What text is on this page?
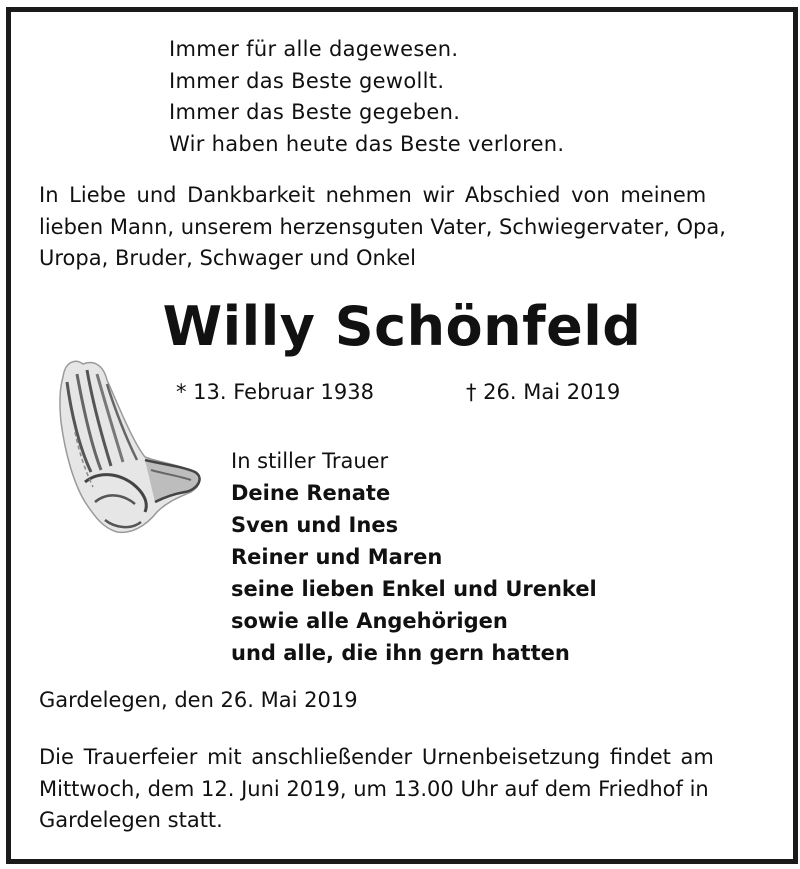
Immer für alle dagewesen.
Immer das Beste gewollt.
Immer das Beste gegeben.
Wir haben heute das Beste verloren.
In Liebe und Dankbarkeit nehmen wir Abschied von meinem
lieben Mann, unserem herzensguten Vater, Schwiegervater, Opa,
Uropa, Bruder, Schwager und Onkel
Willy Schönfeld
* 13. Februar 1938	† 26. Mai 2019
In stiller Trauer
Deine Renate
Sven und Ines
Reiner und Maren
seine lieben Enkel und Urenkel
sowie alle Angehörigen
und alle, die ihn gern hatten
Gardelegen, den 26. Mai 2019
Die Trauerfeier mit anschließender Urnenbeisetzung findet am
Mittwoch, dem 12. Juni 2019, um 13.00 Uhr auf dem Friedhof in
Gardelegen statt.
